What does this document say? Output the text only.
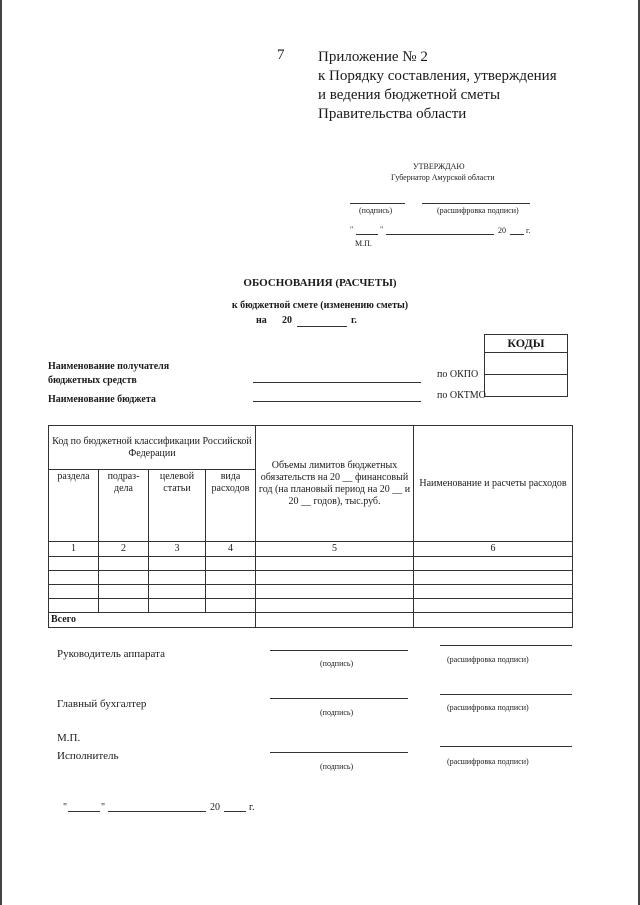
7 Приложение № 2
к Порядку составления, утверждения
и ведения бюджетной сметы
Правительства области
УТВЕРЖДАЮ
Губернатор Амурской области
(подпись)	(расшифровка подписи)
"	"	20	г.
М.П.
ОБОСНОВАНИЯ (РАСЧЕТЫ)
к бюджетной смете (изменению сметы)
на 20	г.
КОДЫ

по ОКПО
по ОКТМО
Наименование получателя
бюджетных средств
Наименование бюджета
Код по бюджетной классификации Российской Федерации				Объемы лимитов бюджетных обязательств на 20 __ финансовый год (на плановый период на 20 __ и 20 __ годов), тыс.руб.	Наименование и расчеты расходов
раздела	подраз-дела	целевой статьи	вида расходов		
1	2	3	4	5	6

Всего					
Руководитель аппарата
(подпись)	(расшифровка подписи)
Главный бухгалтер
(подпись)
(расшифровка подписи)
М.П.
Исполнитель
(подпись)
(расшифровка подписи)
"	"	20	г.
